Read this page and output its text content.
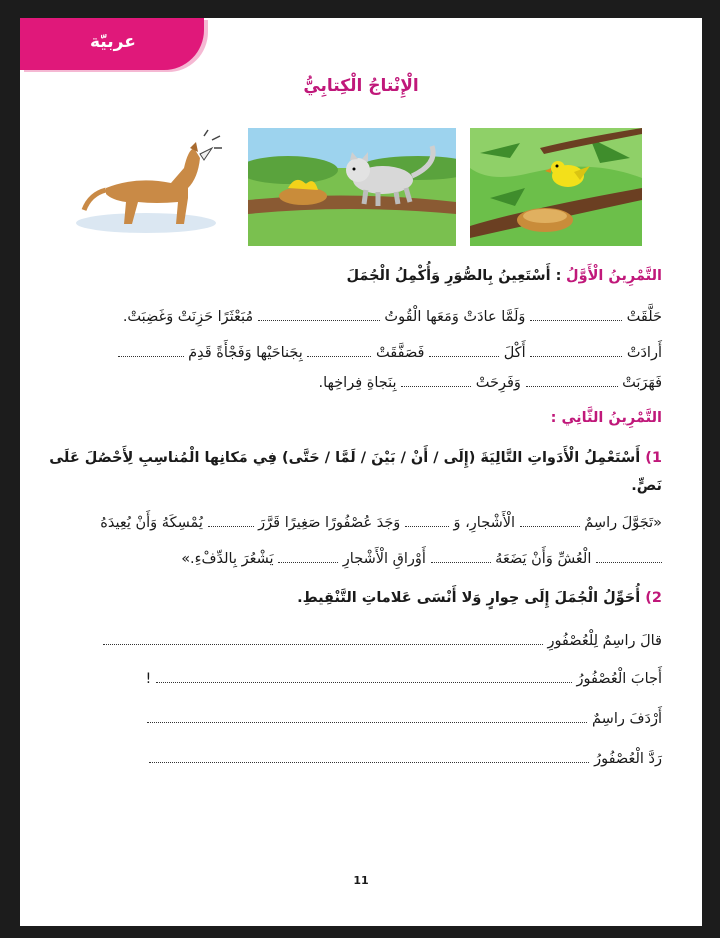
عربيّة
الْإِنْتاجُ الْكِتابِيُّ
التَّمْرِينُ الْأَوَّلُ : أَسْتَعِينُ بِالصُّوَرِ وَأُكْمِلُ الْجُمَلَ
حَلَّقَتْ  وَلَمَّا عادَتْ وَمَعَها الْقُوتُ  مُبَعْثَرًا حَزِنَتْ وَغَضِبَتْ.
أَرادَتْ  أَكْلَ  فَصَفَّقَتْ  بِجَناحَيْها وَفَجْأَةً قَدِمَ
فَهَرَبَتْ  وَفَرِحَتْ  بِنَجاةِ فِراخِها.
التَّمْرِينُ الثَّانِي :
1) أَسْتَعْمِلُ الْأَدَواتِ التَّالِيَةَ (إِلَى / أَنْ / بَيْنَ / لَمَّا / حَتَّى) فِي مَكانِها الْمُناسِبِ لِأَحْصُلَ عَلَى
نَصٍّ.
«تَجَوَّلَ راسِمٌ  الْأَشْجارِ، وَ  وَجَدَ عُصْفُورًا صَغِيرًا قَرَّرَ  يُمْسِكَهُ وَأَنْ يُعِيدَهُ
الْعُشِّ وَأَنْ يَضَعَهُ  أَوْراقِ الْأَشْجارِ  يَشْعُرَ بِالدِّفْءِ.»
2) أُحَوِّلُ الْجُمَلَ إِلَى حِوارٍ وَلا أَنْسَى عَلاماتِ التَّنْقِيطِ.
قالَ راسِمٌ لِلْعُصْفُورِ
أَجابَ الْعُصْفُورُ  !
أَرْدَفَ راسِمٌ
رَدَّ الْعُصْفُورُ
11
